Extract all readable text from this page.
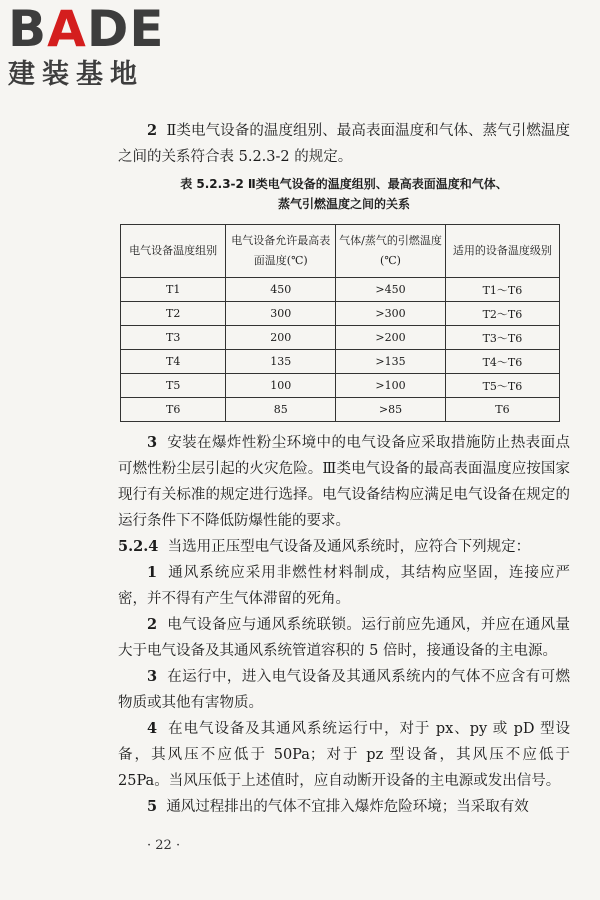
BADE
建装基地

2 Ⅱ类电气设备的温度组别、最高表面温度和气体、蒸气引燃温度之间的关系符合表 5.2.3-2 的规定。

表 5.2.3-2 Ⅱ类电气设备的温度组别、最高表面温度和气体、

蒸气引燃温度之间的关系

电气设备温度组别	电气设备允许最高表面温度(℃)	气体/蒸气的引燃温度(℃)	适用的设备温度级别
T1	450	>450	T1～T6
T2	300	>300	T2～T6
T3	200	>200	T3～T6
T4	135	>135	T4～T6
T5	100	>100	T5～T6
T6	85	>85	T6

3 安装在爆炸性粉尘环境中的电气设备应采取措施防止热表面点可燃性粉尘层引起的火灾危险。Ⅲ类电气设备的最高表面温度应按国家现行有关标准的规定进行选择。电气设备结构应满足电气设备在规定的运行条件下不降低防爆性能的要求。

5.2.4 当选用正压型电气设备及通风系统时，应符合下列规定：

1 通风系统应采用非燃性材料制成，其结构应坚固，连接应严密，并不得有产生气体滞留的死角。

2 电气设备应与通风系统联锁。运行前应先通风，并应在通风量大于电气设备及其通风系统管道容积的 5 倍时，接通设备的主电源。

3 在运行中，进入电气设备及其通风系统内的气体不应含有可燃物质或其他有害物质。

4 在电气设备及其通风系统运行中，对于 px、py 或 pD 型设备，其风压不应低于 50Pa；对于 pz 型设备，其风压不应低于 25Pa。当风压低于上述值时，应自动断开设备的主电源或发出信号。

5 通风过程排出的气体不宜排入爆炸危险环境；当采取有效

· 22 ·
